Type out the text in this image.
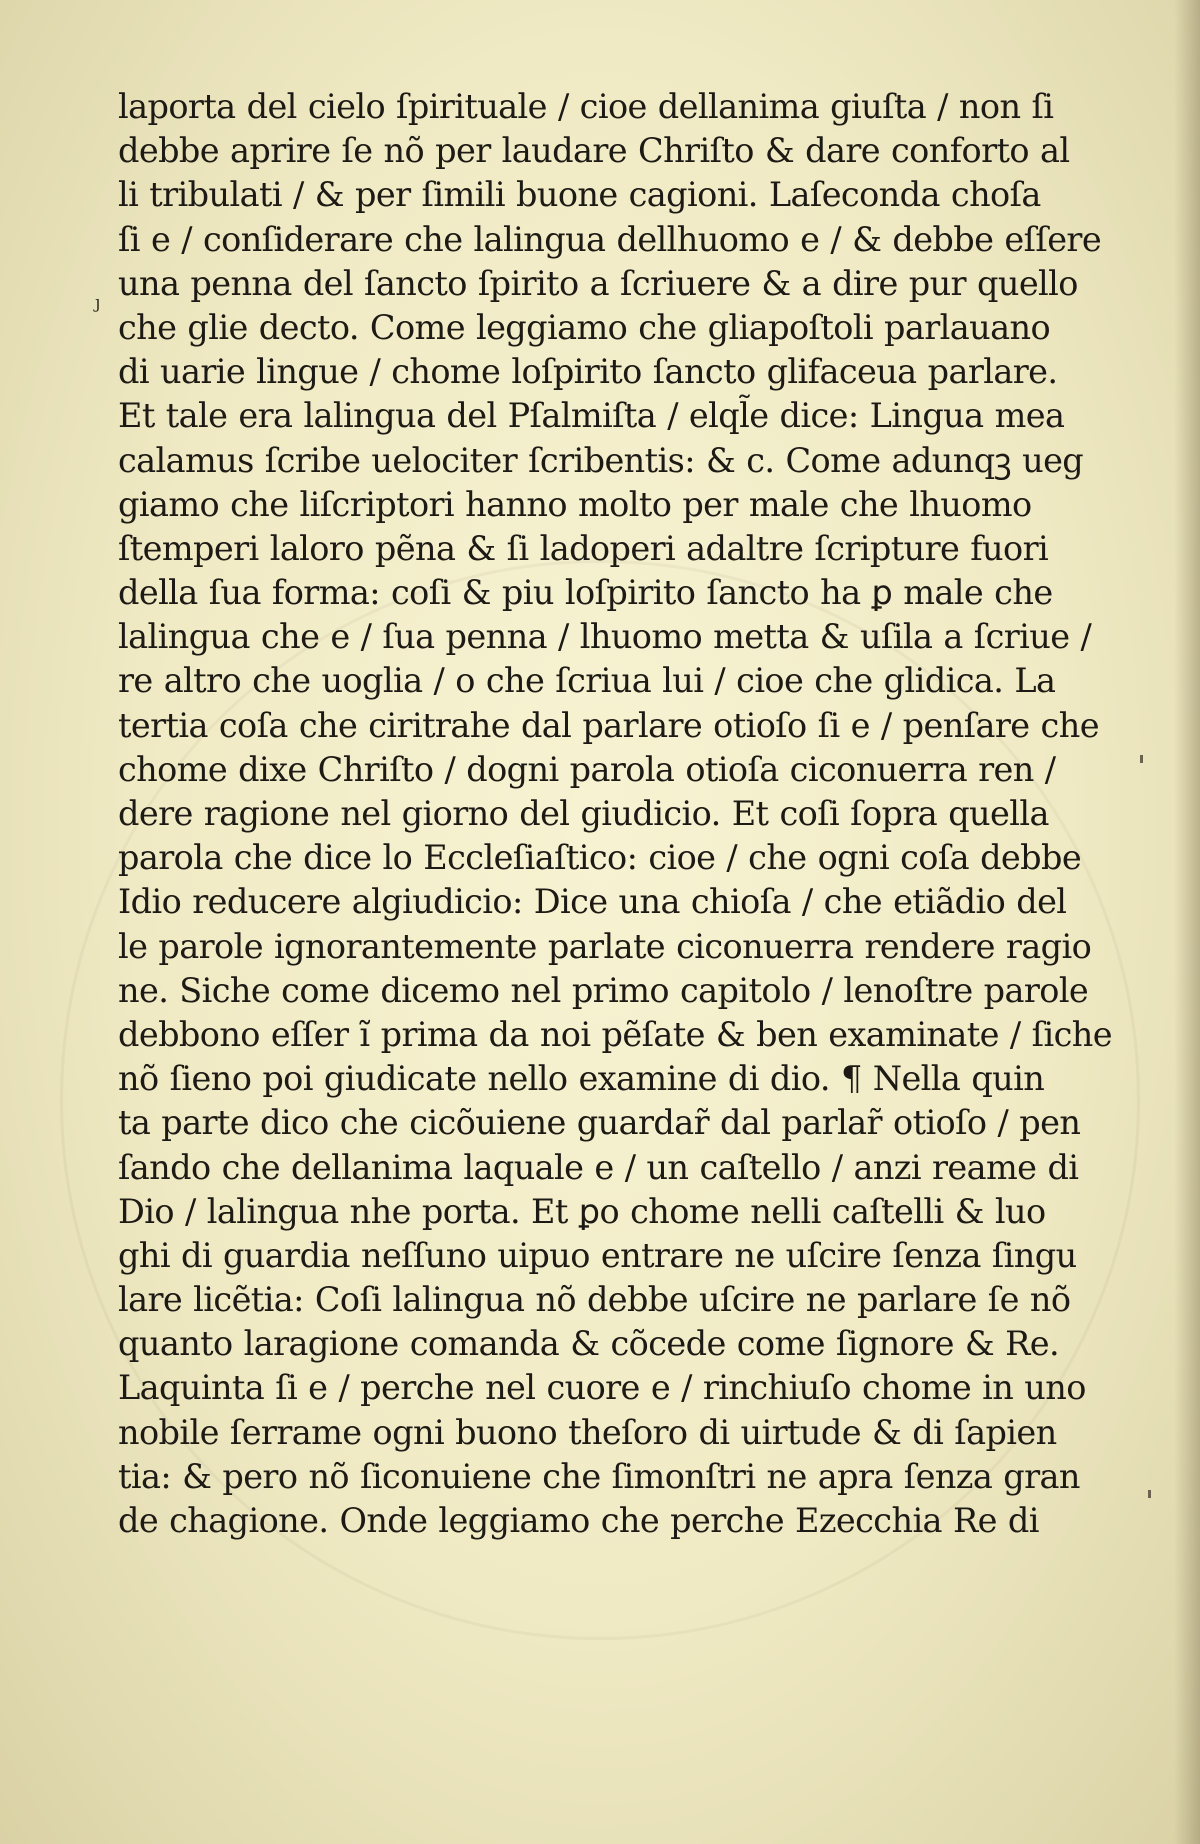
ȷ
laporta del cielo ſpirituale / cioe dellanima giuſta / non ſi
debbe aprire ſe nõ per laudare Chriſto & dare conforto al
li tribulati / & per ſimili buone cagioni. Laſeconda choſa
ſi e / conſiderare che lalingua dellhuomo e / & debbe eſſere
una penna del ſancto ſpirito a ſcriuere & a dire pur quello
che glie decto. Come leggiamo che gliapoſtoli parlauano
di uarie lingue / chome loſpirito ſancto glifaceua parlare.
Et tale era lalingua del Pſalmiſta / elql̃e dice: Lingua mea
calamus ſcribe uelociter ſcribentis: & c. Come adunqꝫ ueg
giamo che liſcriptori hanno molto per male che lhuomo
ſtemperi laloro pẽna & ſi ladoperi adaltre ſcripture fuori
della ſua forma: coſi & piu loſpirito ſancto ha ꝑ male che
lalingua che e / ſua penna / lhuomo metta & uſila a ſcriue /
re altro che uoglia / o che ſcriua lui / cioe che glidica. La
tertia coſa che ciritrahe dal parlare otioſo ſi e / penſare che
chome dixe Chriſto / dogni parola otioſa ciconuerra ren /
dere ragione nel giorno del giudicio. Et coſi ſopra quella
parola che dice lo Eccleſiaſtico: cioe / che ogni coſa debbe
Idio reducere algiudicio: Dice una chioſa / che etiãdio del
le parole ignorantemente parlate ciconuerra rendere ragio
ne. Siche come dicemo nel primo capitolo / lenoſtre parole
debbono eſſer ĩ prima da noi pẽſate & ben examinate / ſiche
nõ ſieno poi giudicate nello examine di dio. ¶ Nella quin
ta parte dico che cicõuiene guardar̃ dal parlar̃ otioſo / pen
ſando che dellanima laquale e / un caſtello / anzi reame di
Dio / lalingua nhe porta. Et ꝑo chome nelli caſtelli & luo
ghi di guardia neſſuno uipuo entrare ne uſcire ſenza ſingu
lare licẽtia: Coſi lalingua nõ debbe uſcire ne parlare ſe nõ
quanto laragione comanda & cõcede come ſignore & Re.
Laquinta ſi e / perche nel cuore e / rinchiuſo chome in uno
nobile ſerrame ogni buono theſoro di uirtude & di ſapien
tia: & pero nõ ſiconuiene che ſimonſtri ne apra ſenza gran
de chagione. Onde leggiamo che perche Ezecchia Re di
